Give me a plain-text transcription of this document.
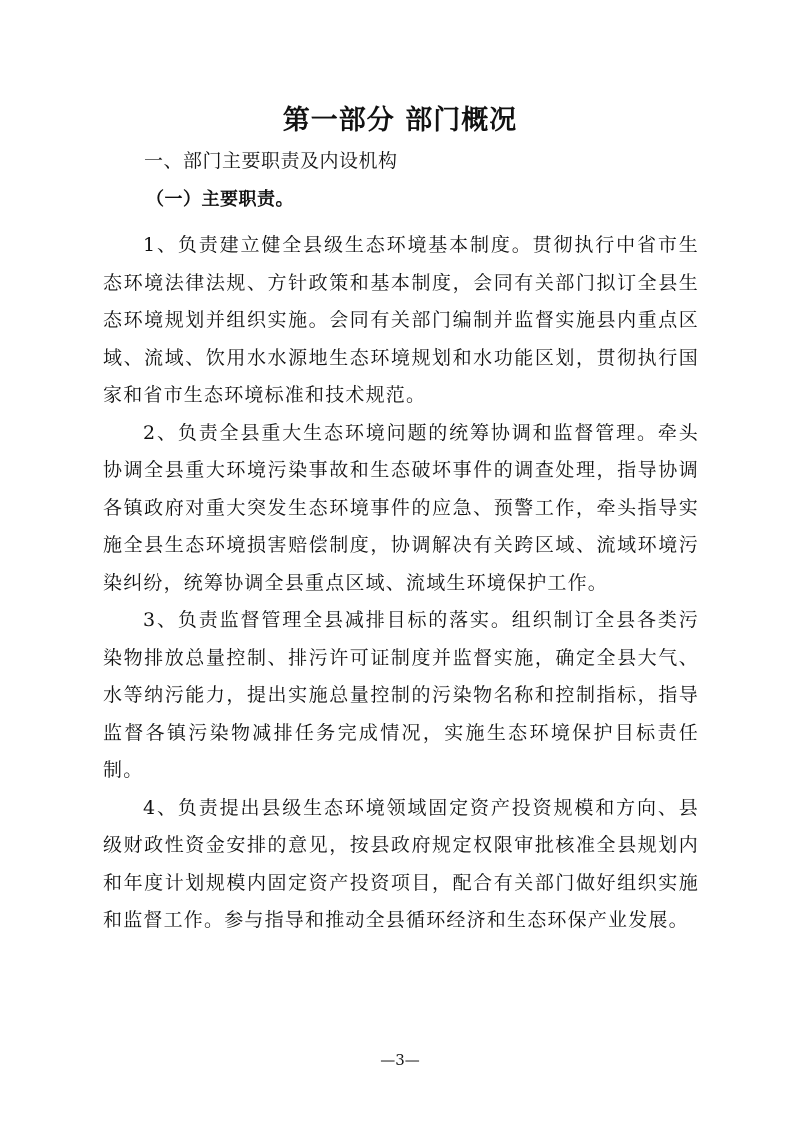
第一部分 部门概况
一、部门主要职责及内设机构
（一）主要职责。

1、负责建立健全县级生态环境基本制度。贯彻执行中省市生态环境法律法规、方针政策和基本制度，会同有关部门拟订全县生态环境规划并组织实施。会同有关部门编制并监督实施县内重点区域、流域、饮用水水源地生态环境规划和水功能区划，贯彻执行国家和省市生态环境标准和技术规范。

2、负责全县重大生态环境问题的统筹协调和监督管理。牵头协调全县重大环境污染事故和生态破坏事件的调查处理，指导协调各镇政府对重大突发生态环境事件的应急、预警工作，牵头指导实施全县生态环境损害赔偿制度，协调解决有关跨区域、流域环境污染纠纷，统筹协调全县重点区域、流域生环境保护工作。

3、负责监督管理全县减排目标的落实。组织制订全县各类污染物排放总量控制、排污许可证制度并监督实施，确定全县大气、水等纳污能力，提出实施总量控制的污染物名称和控制指标，指导监督各镇污染物减排任务完成情况，实施生态环境保护目标责任制。

4、负责提出县级生态环境领域固定资产投资规模和方向、县级财政性资金安排的意见，按县政府规定权限审批核准全县规划内和年度计划规模内固定资产投资项目，配合有关部门做好组织实施和监督工作。参与指导和推动全县循环经济和生态环保产业发展。

—3—
